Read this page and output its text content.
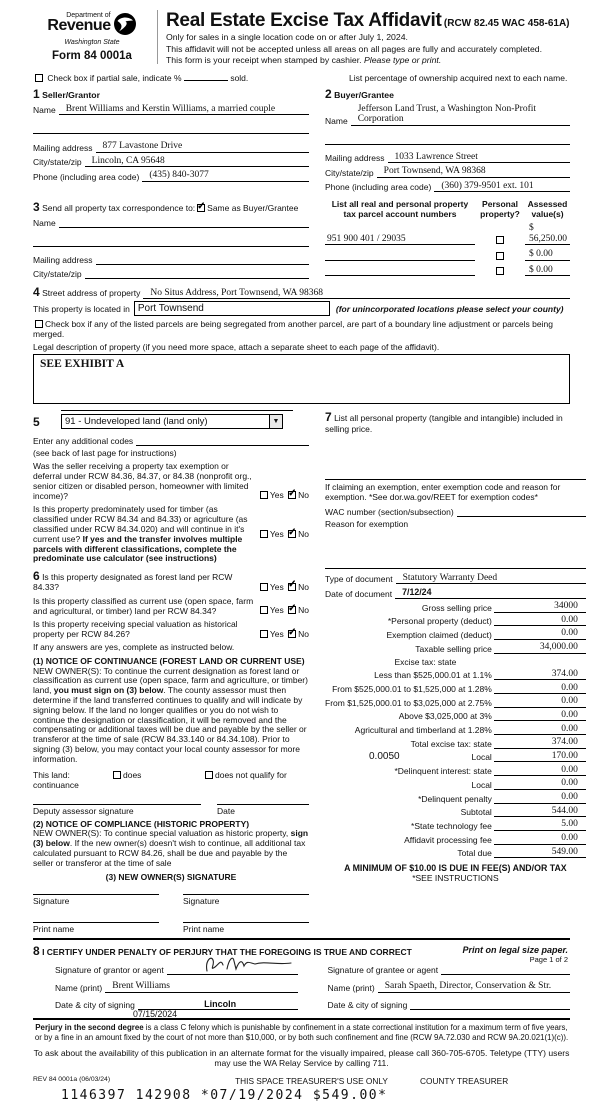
Department of
Revenue
Washington State
Form 84 0001a
Real Estate Excise Tax Affidavit (RCW 82.45 WAC 458-61A)
Only for sales in a single location code on or after July 1, 2024.
This affidavit will not be accepted unless all areas on all pages are fully and accurately completed.
This form is your receipt when stamped by cashier. Please type or print.
Check box if partial sale, indicate %	sold.	List percentage of ownership acquired next to each name.
1 Seller/Grantor
Name	Brent Williams and Kerstin Williams, a married couple
Mailing address	877 Lavastone Drive
City/state/zip	Lincoln, CA 95648
Phone (including area code)	(435) 840-3077
2 Buyer/Grantee
Name
Jefferson Land Trust, a Washington Non-Profit Corporation
Mailing address	1033 Lawrence Street
City/state/zip	Port Townsend, WA 98368
Phone (including area code)	(360) 379-9501 ext. 101
3 Send all property tax correspondence to: ✓ Same as Buyer/Grantee
Name
Mailing address
City/state/zip
List all real and personal property tax parcel account numbers
Personal property?
Assessed value(s)
951 900 401 / 29035
$ 56,250.00
$ 0.00
$ 0.00
4 Street address of property	No Situs Address, Port Townsend, WA 98368
This property is located in Port Townsend	(for unincorporated locations please select your county)
Check box if any of the listed parcels are being segregated from another parcel, are part of a boundary line adjustment or parcels being merged.
Legal description of property (if you need more space, attach a separate sheet to each page of the affidavit).
SEE EXHIBIT A
5	91 - Undeveloped land (land only)	▼
Enter any additional codes
(see back of last page for instructions)
Was the seller receiving a property tax exemption or deferral under RCW 84.36, 84.37, or 84.38 (nonprofit org., senior citizen or disabled person, homeowner with limited income)?	Yes ✓ No
Is this property predominately used for timber (as classified under RCW 84.34 and 84.33) or agriculture (as classified under RCW 84.34.020) and will continue in it's current use? If yes and the transfer involves multiple parcels with different classifications, complete the predominate use calculator (see instructions)
Yes ✓ No
6 Is this property designated as forest land per RCW 84.33?	Yes ✓ No
Is this property classified as current use (open space, farm and agricultural, or timber) land per RCW 84.34?	Yes ✓ No
Is this property receiving special valuation as historical property per RCW 84.26?	Yes ✓ No
If any answers are yes, complete as instructed below.
(1) NOTICE OF CONTINUANCE (FOREST LAND OR CURRENT USE)
NEW OWNER(S): To continue the current designation as forest land or classification as current use (open space, farm and agriculture, or timber) land, you must sign on (3) below. The county assessor must then determine if the land transferred continues to qualify and will indicate by signing below. If the land no longer qualifies or you do not wish to continue the designation or classification, it will be removed and the compensating or additional taxes will be due and payable by the seller or transferor at the time of sale (RCW 84.33.140 or 84.34.108). Prior to signing (3) below, you may contact your local county assessor for more information.
This land:	does	does not qualify for
continuance
Deputy assessor signature	Date
(2) NOTICE OF COMPLIANCE (HISTORIC PROPERTY)
NEW OWNER(S): To continue special valuation as historic property, sign (3) below. If the new owner(s) doesn't wish to continue, all additional tax calculated pursuant to RCW 84.26, shall be due and payable by the seller or transferor at the time of sale
(3) NEW OWNER(S) SIGNATURE
Signature	Signature
Print name	Print name
7 List all personal property (tangible and intangible) included in selling price.
If claiming an exemption, enter exemption code and reason for exemption. *See dor.wa.gov/REET for exemption codes*
WAC number (section/subsection)
Reason for exemption
Type of document	Statutory Warranty Deed
Date of document	7/12/24
Gross selling price	34000
*Personal property (deduct)	0.00
Exemption claimed (deduct)	0.00
Taxable selling price	34,000.00
Excise tax: state
Less than $525,000.01 at 1.1%	374.00
From $525,000.01 to $1,525,000 at 1.28%	0.00
From $1,525,000.01 to $3,025,000 at 2.75%	0.00
Above $3,025,000 at 3%	0.00
Agricultural and timberland at 1.28%	0.00
Total excise tax: state	374.00
0.0050	Local	170.00
*Delinquent interest: state	0.00
Local	0.00
*Delinquent penalty	0.00
Subtotal	544.00
*State technology fee	5.00
Affidavit processing fee	0.00
Total due	549.00
A MINIMUM OF $10.00 IS DUE IN FEE(S) AND/OR TAX
*SEE INSTRUCTIONS
8 I CERTIFY UNDER PENALTY OF PERJURY THAT THE FOREGOING IS TRUE AND CORRECT
Signature of grantor or agent
Name (print)	Brent Williams
Date & city of signing	Lincoln
07/15/2024
Signature of grantee or agent
Name (print)	Sarah Spaeth, Director, Conservation & Str.
Date & city of signing
Perjury in the second degree is a class C felony which is punishable by confinement in a state correctional institution for a maximum term of five years, or by a fine in an amount fixed by the court of not more than $10,000, or by both such confinement and fine (RCW 9A.72.030 and RCW 9A.20.021(1)(c)).
To ask about the availability of this publication in an alternate format for the visually impaired, please call 360-705-6705. Teletype (TTY) users may use the WA Relay Service by calling 711.
REV 84 0001a (06/03/24)	THIS SPACE TREASURER'S USE ONLY	COUNTY TREASURER
1146397 142908 *07/19/2024 $549.00*
Print on legal size paper.
Page 1 of 2
